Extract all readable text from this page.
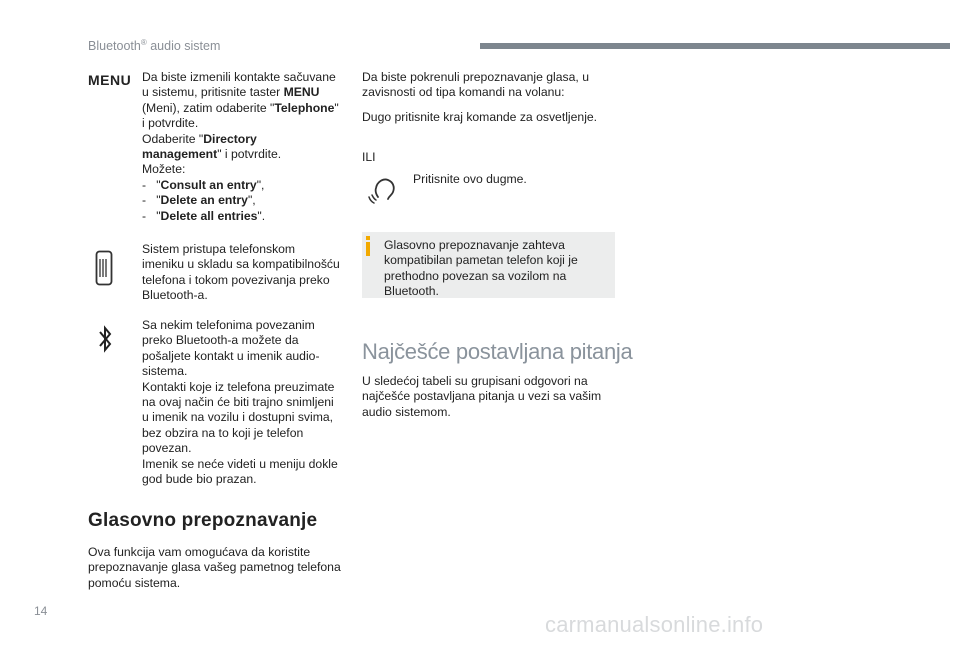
Bluetooth® audio sistem
MENU Da biste izmenili kontakte sačuvane
u sistemu, pritisnite taster MENU
(Meni), zatim odaberite "Telephone"
i potvrdite.
Odaberite "Directory
management" i potvrdite.
Možete:
-   "Consult an entry",
-   "Delete an entry",
-   "Delete all entries".
Sistem pristupa telefonskom
imeniku u skladu sa kompatibilnošću
telefona i tokom povezivanja preko
Bluetooth-a.
Sa nekim telefonima povezanim
preko Bluetooth-a možete da
pošaljete kontakt u imenik audio-
sistema.
Kontakti koje iz telefona preuzimate
na ovaj način će biti trajno snimljeni
u imenik na vozilu i dostupni svima,
bez obzira na to koji je telefon
povezan.
Imenik se neće videti u meniju dokle
god bude bio prazan.
Glasovno prepoznavanje
Ova funkcija vam omogućava da koristite
prepoznavanje glasa vašeg pametnog telefona
pomoću sistema.
Da biste pokrenuli prepoznavanje glasa, u
zavisnosti od tipa komandi na volanu:
Dugo pritisnite kraj komande za osvetljenje.
ILI
Pritisnite ovo dugme.
Glasovno prepoznavanje zahteva
kompatibilan pametan telefon koji je
prethodno povezan sa vozilom na
Bluetooth.
Najčešće postavljana pitanja
U sledećoj tabeli su grupisani odgovori na
najčešće postavljana pitanja u vezi sa vašim
audio sistemom.
14
carmanualsonline.info
